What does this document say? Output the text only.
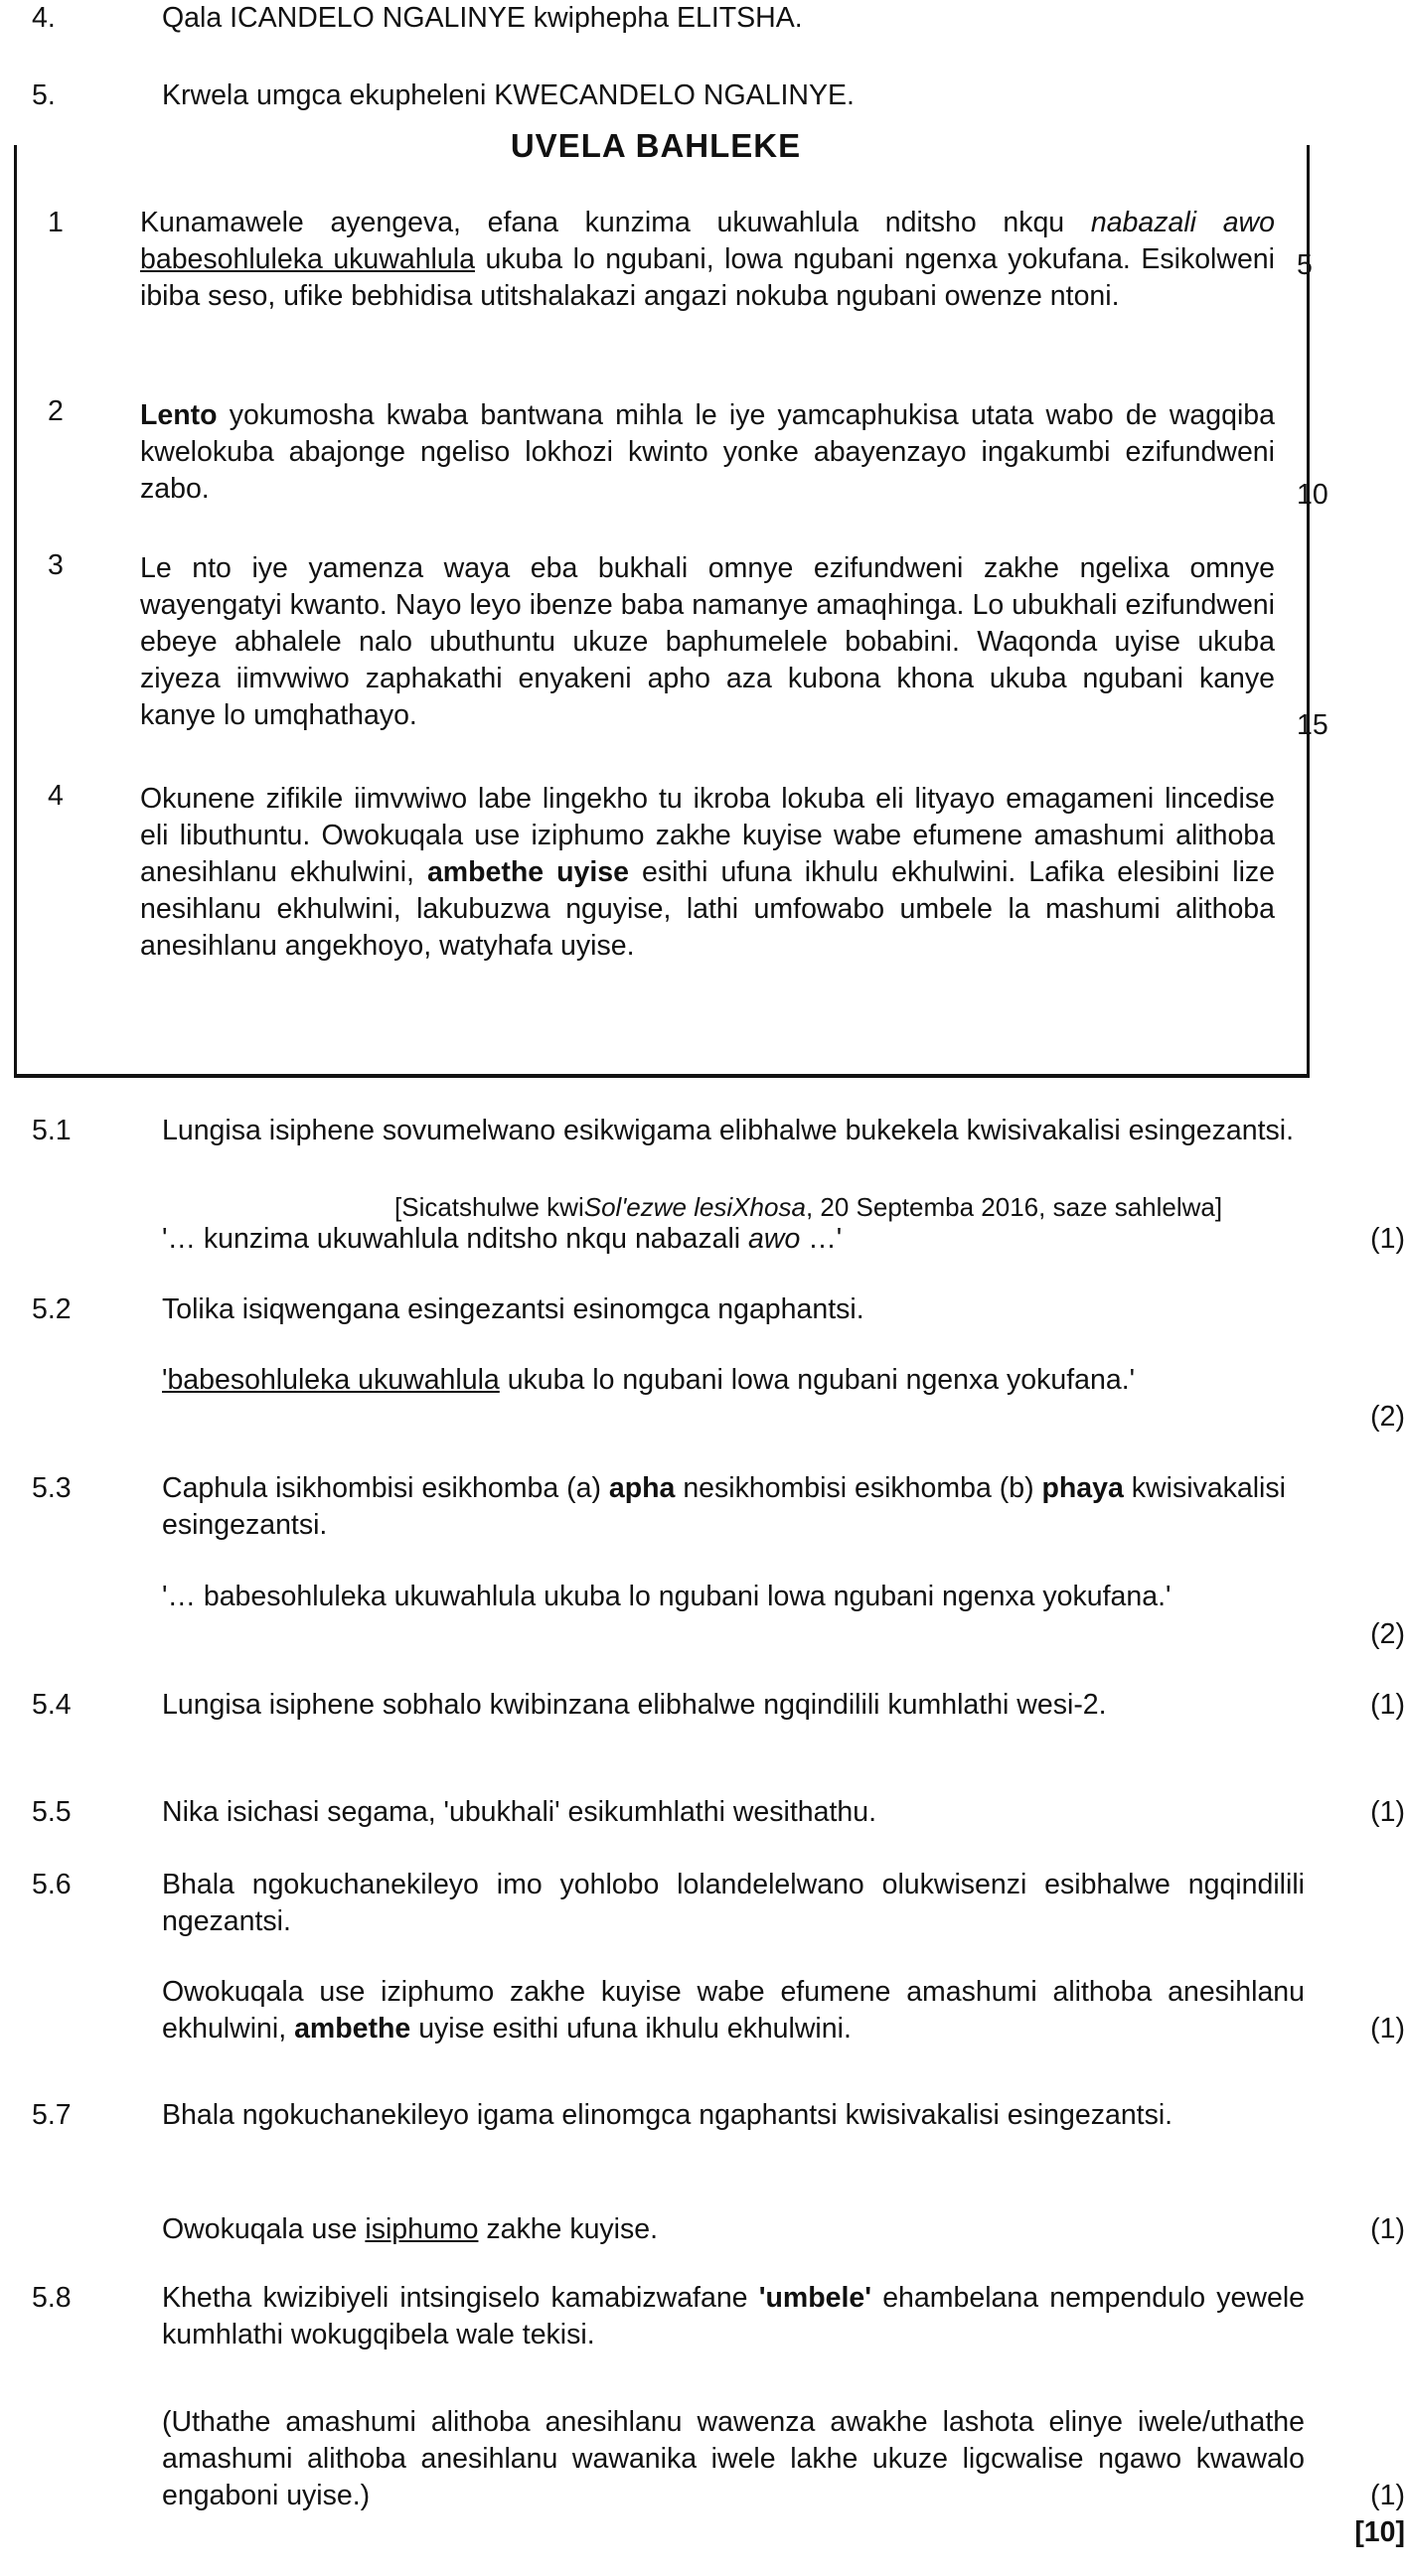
4.	Qala ICANDELO NGALINYE kwiphepha ELITSHA.
5.	Krwela umgca ekupheleni KWECANDELO NGALINYE.
UVELA BAHLEKE
1	Kunamawele ayengeva, efana kunzima ukuwahlula nditsho nkqu nabazali awo babesohluleka ukuwahlula ukuba lo ngubani, lowa ngubani ngenxa yokufana. Esikolweni ibiba seso, ufike bebhidisa utitshalakazi angazi nokuba ngubani owenze ntoni.
2	Lento yokumosha kwaba bantwana mihla le iye yamcaphukisa utata wabo de wagqiba kwelokuba abajonge ngeliso lokhozi kwinto yonke abayenzayo ingakumbi ezifundweni zabo.
3	Le nto iye yamenza waya eba bukhali omnye ezifundweni zakhe ngelixa omnye wayengatyi kwanto. Nayo leyo ibenze baba namanye amaqhinga. Lo ubukhali ezifundweni ebeye abhalele nalo ubuthuntu ukuze baphumelele bobabini. Waqonda uyise ukuba ziyeza iimvwiwo zaphakathi enyakeni apho aza kubona khona ukuba ngubani kanye kanye lo umqhathayo.
4	Okunene zifikile iimvwiwo labe lingekho tu ikroba lokuba eli lityayo emagameni lincedise eli libuthuntu. Owokuqala use iziphumo zakhe kuyise wabe efumene amashumi alithoba anesihlanu ekhulwini, ambethe uyise esithi ufuna ikhulu ekhulwini. Lafika elesibini lize nesihlanu ekhulwini, lakubuzwa nguyise, lathi umfowabo umbele la mashumi alithoba anesihlanu angekhoyo, watyhafa uyise.
[Sicatshulwe kwiSol'ezwe lesiXhosa, 20 Septemba 2016, saze sahlelwa]
5
10
15
5.1	Lungisa isiphene sovumelwano esikwigama elibhalwe bukekela kwisivakalisi esingezantsi.
'… kunzima ukuwahlula nditsho nkqu nabazali awo …'	(1)
5.2	Tolika isiqwengana esingezantsi esinomgca ngaphantsi.
'babesohluleka ukuwahlula ukuba lo ngubani lowa ngubani ngenxa yokufana.'
(2)
5.3	Caphula isikhombisi esikhomba (a) apha nesikhombisi esikhomba (b) phaya kwisivakalisi esingezantsi.
'… babesohluleka ukuwahlula ukuba lo ngubani lowa ngubani ngenxa yokufana.'
(2)
5.4	Lungisa isiphene sobhalo kwibinzana elibhalwe ngqindilili kumhlathi wesi-2.	(1)
5.5	Nika isichasi segama, 'ubukhali' esikumhlathi wesithathu.	(1)
5.6	Bhala ngokuchanekileyo imo yohlobo lolandelelwano olukwisenzi esibhalwe ngqindilili ngezantsi.
Owokuqala use iziphumo zakhe kuyise wabe efumene amashumi alithoba anesihlanu ekhulwini, ambethe uyise esithi ufuna ikhulu ekhulwini.	(1)
5.7	Bhala ngokuchanekileyo igama elinomgca ngaphantsi kwisivakalisi esingezantsi.
Owokuqala use isiphumo zakhe kuyise.	(1)
5.8	Khetha kwizibiyeli intsingiselo kamabizwafane 'umbele' ehambelana nempendulo yewele kumhlathi wokugqibela wale tekisi.
(Uthathe amashumi alithoba anesihlanu wawenza awakhe lashota elinye iwele/uthathe amashumi alithoba anesihlanu wawanika iwele lakhe ukuze ligcwalise ngawo kwawalo engaboni uyise.)	(1)
[10]
